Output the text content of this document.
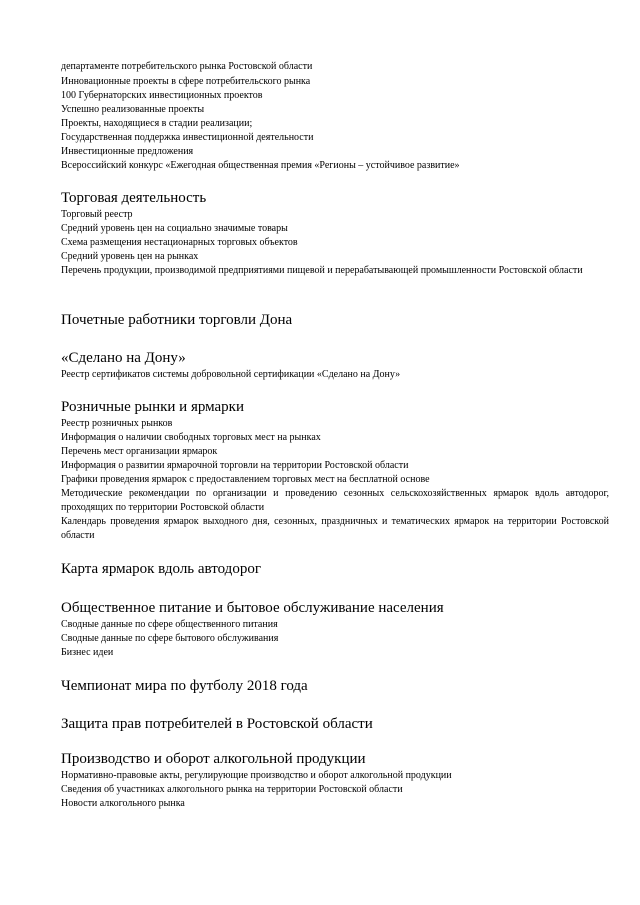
департаменте потребительского рынка Ростовской области
Инновационные проекты в сфере потребительского рынка
100 Губернаторских инвестиционных проектов
Успешно реализованные проекты
Проекты, находящиеся в стадии реализации;
Государственная поддержка инвестиционной деятельности
Инвестиционные предложения
Всероссийский конкурс «Ежегодная общественная премия «Регионы – устойчивое развитие»
Торговая деятельность
Торговый реестр
Средний уровень цен на социально значимые товары
Схема размещения нестационарных торговых объектов
Средний уровень цен на рынках
Перечень продукции, производимой предприятиями пищевой и перерабатывающей промышленности Ростовской области
Почетные работники торговли Дона
«Сделано на Дону»
Реестр сертификатов системы добровольной сертификации «Сделано на Дону»
Розничные рынки и ярмарки
Реестр розничных рынков
Информация о наличии свободных торговых мест на рынках
Перечень мест организации ярмарок
Информация о развитии ярмарочной торговли на территории Ростовской области
Графики проведения ярмарок с предоставлением торговых мест на бесплатной основе
Методические рекомендации по организации и проведению сезонных сельскохозяйственных ярмарок вдоль автодорог, проходящих по территории Ростовской области
Календарь проведения ярмарок выходного дня, сезонных, праздничных и тематических ярмарок на территории Ростовской области
Карта ярмарок вдоль автодорог
Общественное питание и бытовое обслуживание населения
Сводные данные по сфере общественного питания
Сводные данные по сфере бытового обслуживания
Бизнес идеи
Чемпионат мира по футболу 2018 года
Защита прав потребителей в Ростовской области
Производство и оборот алкогольной продукции
Нормативно-правовые акты, регулирующие производство и оборот алкогольной продукции
Сведения об участниках алкогольного рынка на территории Ростовской области
Новости алкогольного рынка
